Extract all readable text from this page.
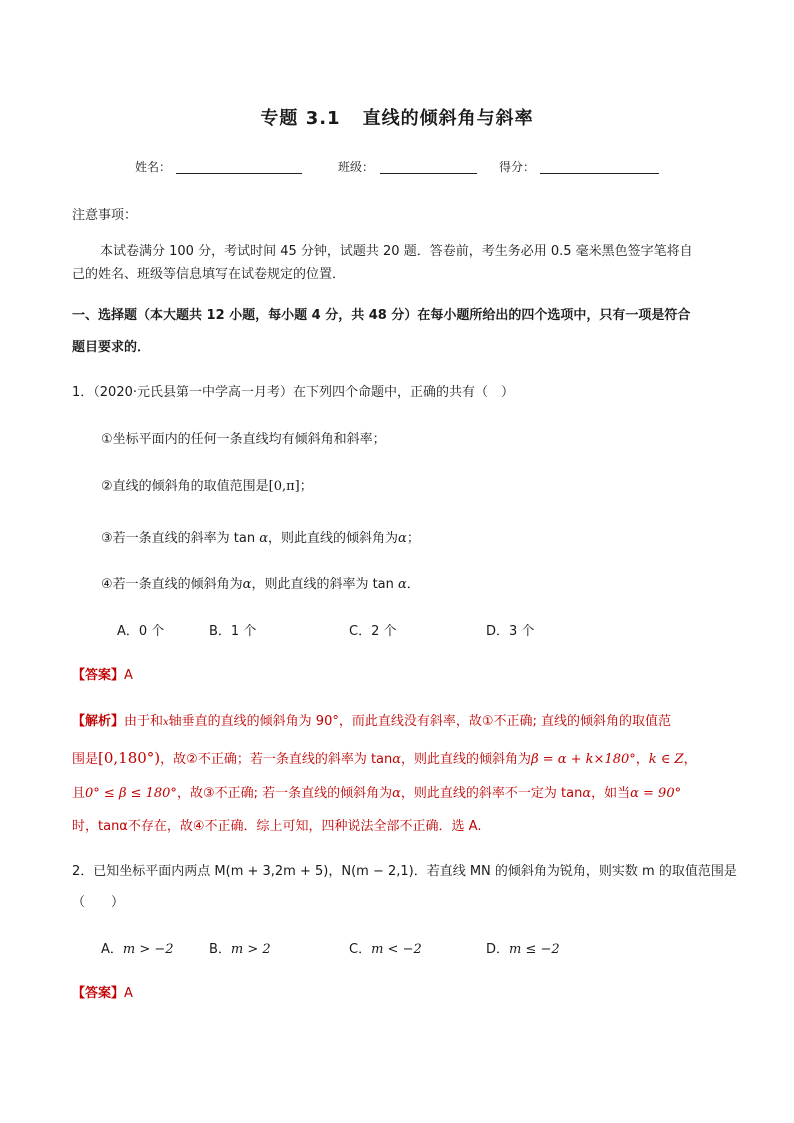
专题 3.1 直线的倾斜角与斜率
姓名：	班级：	得分：
注意事项：
本试卷满分 100 分，考试时间 45 分钟，试题共 20 题．答卷前，考生务必用 0.5 毫米黑色签字笔将自
己的姓名、班级等信息填写在试卷规定的位置．
一、选择题（本大题共 12 小题，每小题 4 分，共 48 分）在每小题所给出的四个选项中，只有一项是符合
题目要求的．
1．（2020·元氏县第一中学高一月考）在下列四个命题中，正确的共有（　）
①坐标平面内的任何一条直线均有倾斜角和斜率；
②直线的倾斜角的取值范围是[0,π]；
③若一条直线的斜率为 tan α，则此直线的倾斜角为α；
④若一条直线的倾斜角为α，则此直线的斜率为 tan α．
A．0 个	B．1 个	C．2 个	D．3 个
【答案】A
【解析】由于和x轴垂直的直线的倾斜角为 90°，而此直线没有斜率，故①不正确; 直线的倾斜角的取值范
围是[0,180°)，故②不正确；若一条直线的斜率为 tanα，则此直线的倾斜角为β = α + k×180°，k ∈ Z，
且0° ≤ β ≤ 180°，故③不正确; 若一条直线的倾斜角为α，则此直线的斜率不一定为 tanα，如当α = 90°
时，tanα不存在，故④不正确．综上可知，四种说法全部不正确．选 A.
2．已知坐标平面内两点 M(m + 3,2m + 5)，N(m − 2,1)．若直线 MN 的倾斜角为锐角，则实数 m 的取值范围是
（　　）
A．m > −2	B．m > 2	C．m < −2	D．m ≤ −2
【答案】A
